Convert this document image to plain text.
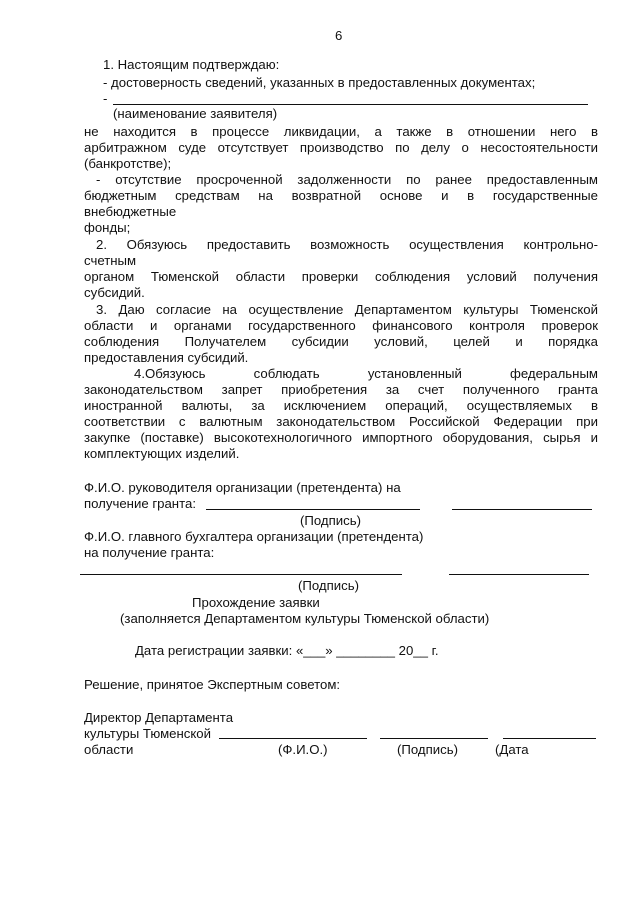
6
1. Настоящим подтверждаю:
- достоверность сведений, указанных в предоставленных документах;
-
(наименование заявителя)
не находится в процессе ликвидации, а также в отношении него в
арбитражном суде отсутствует производство по делу о несостоятельности
(банкротстве);
- отсутствие просроченной задолженности по ранее предоставленным
бюджетным средствам на возвратной основе и в государственные
внебюджетные
фонды;
2. Обязуюсь предоставить возможность осуществления контрольно-
счетным
органом Тюменской области проверки соблюдения условий получения
субсидий.
3. Даю согласие на осуществление Департаментом культуры Тюменской
области и органами государственного финансового контроля проверок
соблюдения Получателем субсидии условий, целей и порядка
предоставления субсидий.
4.Обязуюсь соблюдать установленный федеральным
законодательством запрет приобретения за счет полученного гранта
иностранной валюты, за исключением операций, осуществляемых в
соответствии с валютным законодательством Российской Федерации при
закупке (поставке) высокотехнологичного импортного оборудования, сырья и
комплектующих изделий.
Ф.И.О. руководителя организации (претендента) на
получение гранта:
(Подпись)
Ф.И.О. главного бухгалтера организации (претендента)
на получение гранта:
(Подпись)
Прохождение заявки
(заполняется Департаментом культуры Тюменской области)
Дата регистрации заявки: «___» ________ 20__ г.
Решение, принятое Экспертным советом:
Директор Департамента
культуры Тюменской
области	(Ф.И.О.)	(Подпись)	(Дата
